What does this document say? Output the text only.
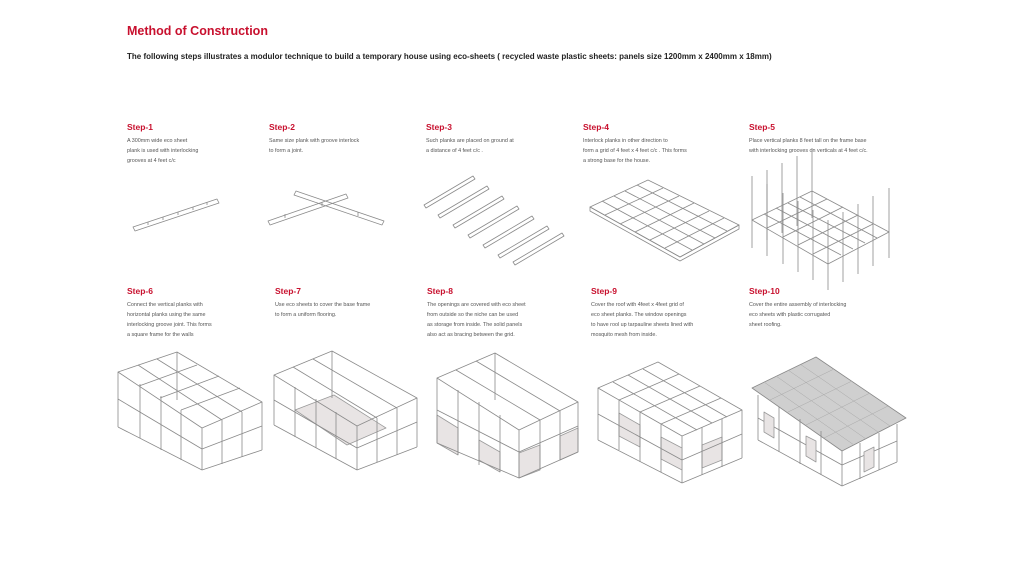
Method of Construction

The following steps illustrates a modulor technique to build a temporary house using eco-sheets ( recycled waste plastic sheets: panels size 1200mm x 2400mm x 18mm)

Step-1

A 300mm wide eco sheet
plank is used with interlocking
grooves at 4 feet c/c

Step-2

Same size plank with groove interlock
to form a joint.

Step-3

Such planks are placed on ground at
a distance of 4 feet c/c .

Step-4

Interlock planks in other direction to
form a grid of 4 feet x 4 feet c/c . This forms
a strong base for the house.

Step-5

Place vertical planks 8 feet tall on the frame base
with interlocking grooves on verticals at 4 feet c/c.

Step-6

Connect the vertical planks with
horizontal planks using the same
interlocking groove joint. This forms
a square frame for the walls

Step-7

Use eco sheets to cover the base frame
to form a uniform flooring.

Step-8

The openings are covered with eco sheet
from outside so the niche can be used
as storage from inside. The solid panels
also act as bracing between the grid.

Step-9

Cover the roof with 4feet x 4feet grid of
eco sheet planks. The window openings
to have rool up tarpauline sheets lined with
mosquito mesh from inside.

Step-10

Cover the entire assembly of interlocking
eco sheets with plastic corrugated
sheet roofing.
